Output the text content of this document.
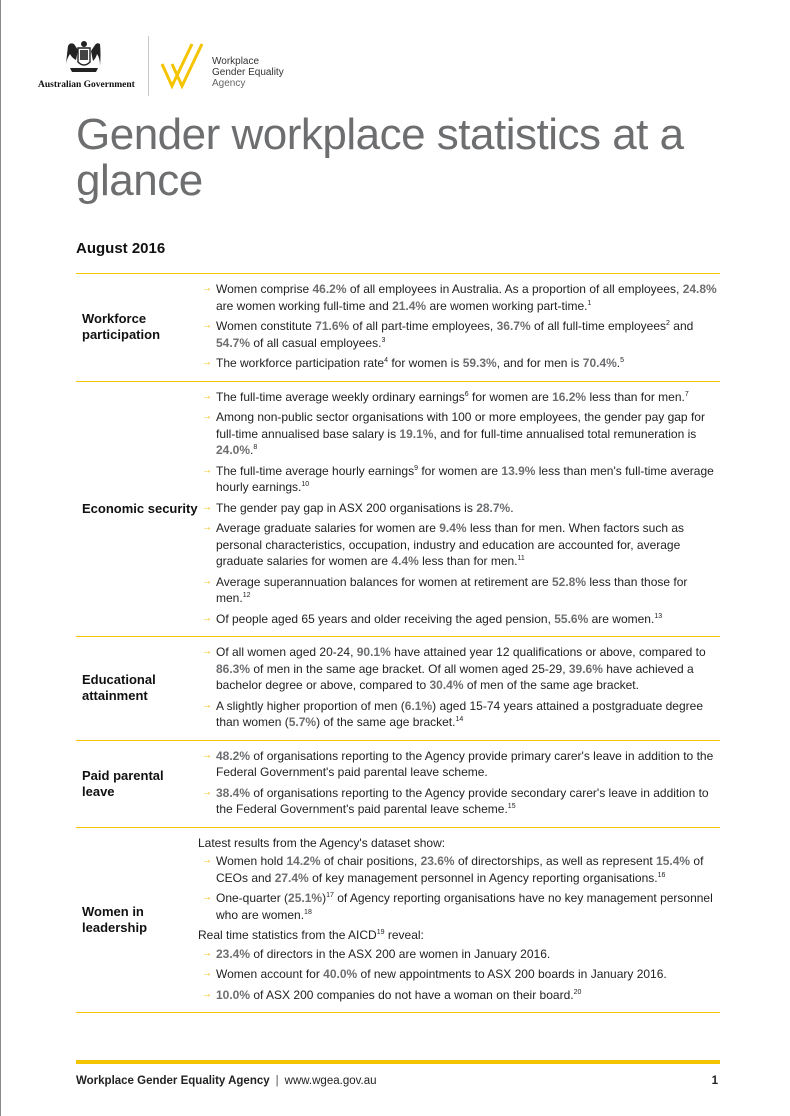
Australian Government
Workplace
Gender Equality
Agency
Gender workplace statistics at a glance
August 2016
Workforce participation
→ Women comprise 46.2% of all employees in Australia. As a proportion of all employees, 24.8% are women working full-time and 21.4% are women working part-time.$^1$
→ Women constitute 71.6% of all part-time employees, 36.7% of all full-time employees$^2$ and 54.7% of all casual employees.$^3$
→ The workforce participation rate$^4$ for women is 59.3%, and for men is 70.4%.$^5$
Economic security
→ The full-time average weekly ordinary earnings$^6$ for women are 16.2% less than for men.$^7$
→ Among non-public sector organisations with 100 or more employees, the gender pay gap for full-time annualised base salary is 19.1%, and for full-time annualised total remuneration is 24.0%.$^8$
→ The full-time average hourly earnings$^9$ for women are 13.9% less than men's full-time average hourly earnings.$^{10}$
→ The gender pay gap in ASX 200 organisations is 28.7%.
→ Average graduate salaries for women are 9.4% less than for men. When factors such as personal characteristics, occupation, industry and education are accounted for, average graduate salaries for women are 4.4% less than for men.$^{11}$
→ Average superannuation balances for women at retirement are 52.8% less than those for men.$^{12}$
→ Of people aged 65 years and older receiving the aged pension, 55.6% are women.$^{13}$
Educational attainment
→ Of all women aged 20-24, 90.1% have attained year 12 qualifications or above, compared to 86.3% of men in the same age bracket. Of all women aged 25-29, 39.6% have achieved a bachelor degree or above, compared to 30.4% of men of the same age bracket.
→ A slightly higher proportion of men (6.1%) aged 15-74 years attained a postgraduate degree than women (5.7%) of the same age bracket.$^{14}$
Paid parental leave
→ 48.2% of organisations reporting to the Agency provide primary carer's leave in addition to the Federal Government's paid parental leave scheme.
→ 38.4% of organisations reporting to the Agency provide secondary carer's leave in addition to the Federal Government's paid parental leave scheme.$^{15}$
Women in leadership
Latest results from the Agency's dataset show:
→ Women hold 14.2% of chair positions, 23.6% of directorships, as well as represent 15.4% of CEOs and 27.4% of key management personnel in Agency reporting organisations.$^{16}$
→ One-quarter $(25.1\%)^{17}$ of Agency reporting organisations have no key management personnel who are women.$^{18}$
Real time statistics from the AICD$^{19}$ reveal:
→ 23.4% of directors in the ASX 200 are women in January 2016.
→ Women account for 40.0% of new appointments to ASX 200 boards in January 2016.
→ 10.0% of ASX 200 companies do not have a woman on their board.$^{20}$
Workplace Gender Equality Agency | www.wgea.gov.au	1
